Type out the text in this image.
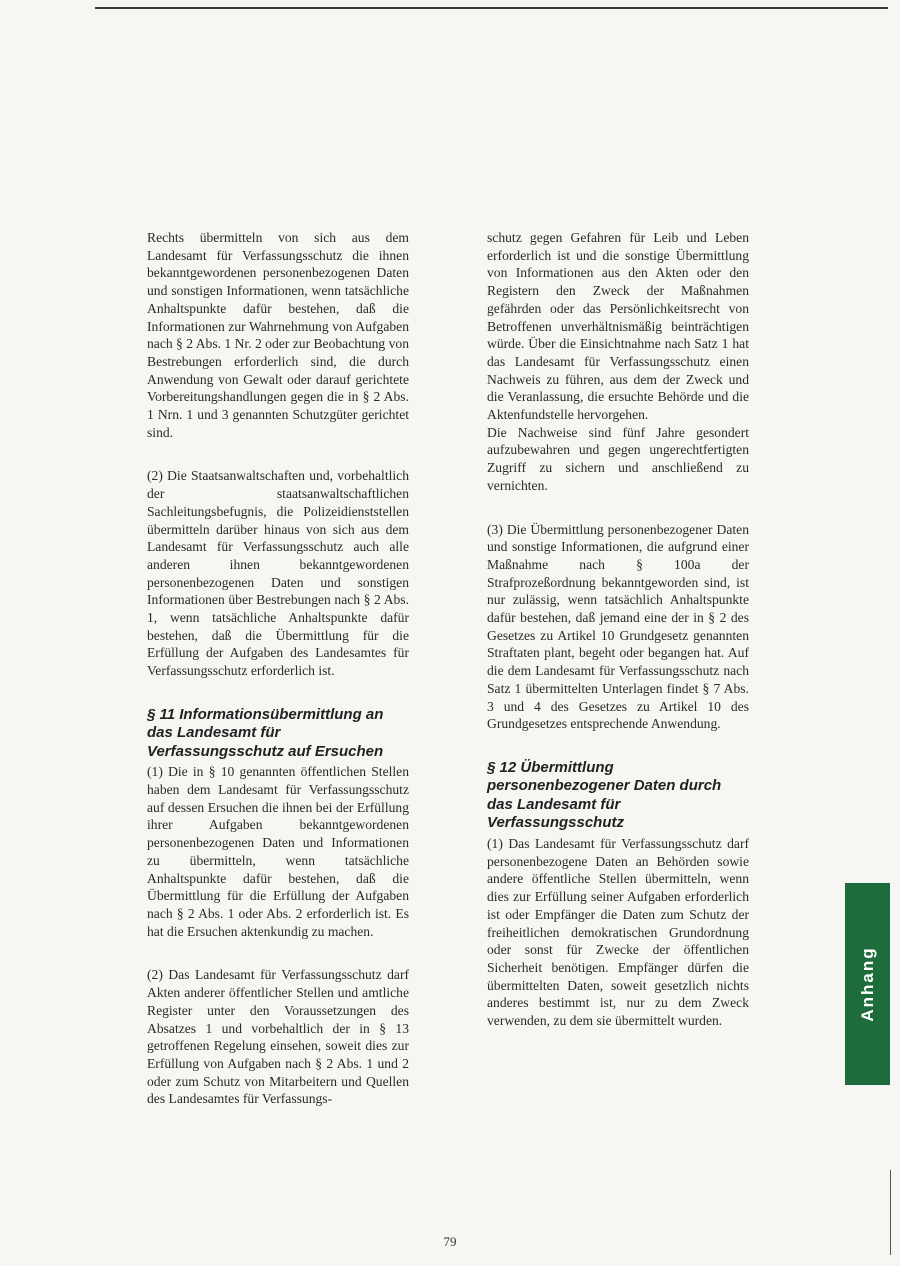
Rechts übermitteln von sich aus dem Landesamt für Verfassungsschutz die ihnen bekanntgewordenen personenbezogenen Daten und sonstigen Informationen, wenn tatsächliche Anhaltspunkte dafür bestehen, daß die Informationen zur Wahrnehmung von Aufgaben nach § 2 Abs. 1 Nr. 2 oder zur Beobachtung von Bestrebungen erforderlich sind, die durch Anwendung von Gewalt oder darauf gerichtete Vorbereitungshandlungen gegen die in § 2 Abs. 1 Nrn. 1 und 3 genannten Schutzgüter gerichtet sind.

(2) Die Staatsanwaltschaften und, vorbehaltlich der staatsanwaltschaftlichen Sachleitungsbefugnis, die Polizeidienststellen übermitteln darüber hinaus von sich aus dem Landesamt für Verfassungsschutz auch alle anderen ihnen bekanntgewordenen personenbezogenen Daten und sonstigen Informationen über Bestrebungen nach § 2 Abs. 1, wenn tatsächliche Anhaltspunkte dafür bestehen, daß die Übermittlung für die Erfüllung der Aufgaben des Landesamtes für Verfassungsschutz erforderlich ist.

§ 11 Informationsübermittlung an das Landesamt für Verfassungsschutz auf Ersuchen

(1) Die in § 10 genannten öffentlichen Stellen haben dem Landesamt für Verfassungsschutz auf dessen Ersuchen die ihnen bei der Erfüllung ihrer Aufgaben bekanntgewordenen personenbezogenen Daten und Informationen zu übermitteln, wenn tatsächliche Anhaltspunkte dafür bestehen, daß die Übermittlung für die Erfüllung der Aufgaben nach § 2 Abs. 1 oder Abs. 2 erforderlich ist. Es hat die Ersuchen aktenkundig zu machen.

(2) Das Landesamt für Verfassungsschutz darf Akten anderer öffentlicher Stellen und amtliche Register unter den Voraussetzungen des Absatzes 1 und vorbehaltlich der in § 13 getroffenen Regelung einsehen, soweit dies zur Erfüllung von Aufgaben nach § 2 Abs. 1 und 2 oder zum Schutz von Mitarbeitern und Quellen des Landesamtes für Verfassungs-

schutz gegen Gefahren für Leib und Leben erforderlich ist und die sonstige Übermittlung von Informationen aus den Akten oder den Registern den Zweck der Maßnahmen gefährden oder das Persönlichkeitsrecht von Betroffenen unverhältnismäßig beinträchtigen würde. Über die Einsichtnahme nach Satz 1 hat das Landesamt für Verfassungsschutz einen Nachweis zu führen, aus dem der Zweck und die Veranlassung, die ersuchte Behörde und die Aktenfundstelle hervorgehen.

Die Nachweise sind fünf Jahre gesondert aufzubewahren und gegen ungerechtfertigten Zugriff zu sichern und anschließend zu vernichten.

(3) Die Übermittlung personenbezogener Daten und sonstige Informationen, die aufgrund einer Maßnahme nach § 100a der Strafprozeßordnung bekanntgeworden sind, ist nur zulässig, wenn tatsächlich Anhaltspunkte dafür bestehen, daß jemand eine der in § 2 des Gesetzes zu Artikel 10 Grundgesetz genannten Straftaten plant, begeht oder begangen hat. Auf die dem Landesamt für Verfassungsschutz nach Satz 1 übermittelten Unterlagen findet § 7 Abs. 3 und 4 des Gesetzes zu Artikel 10 des Grundgesetzes entsprechende Anwendung.

§ 12 Übermittlung personenbezogener Daten durch das Landesamt für Verfassungsschutz

(1) Das Landesamt für Verfassungsschutz darf personenbezogene Daten an Behörden sowie andere öffentliche Stellen übermitteln, wenn dies zur Erfüllung seiner Aufgaben erforderlich ist oder Empfänger die Daten zum Schutz der freiheitlichen demokratischen Grundordnung oder sonst für Zwecke der öffentlichen Sicherheit benötigen. Empfänger dürfen die übermittelten Daten, soweit gesetzlich nichts anderes bestimmt ist, nur zu dem Zweck verwenden, zu dem sie übermittelt wurden.	Anhang
79
